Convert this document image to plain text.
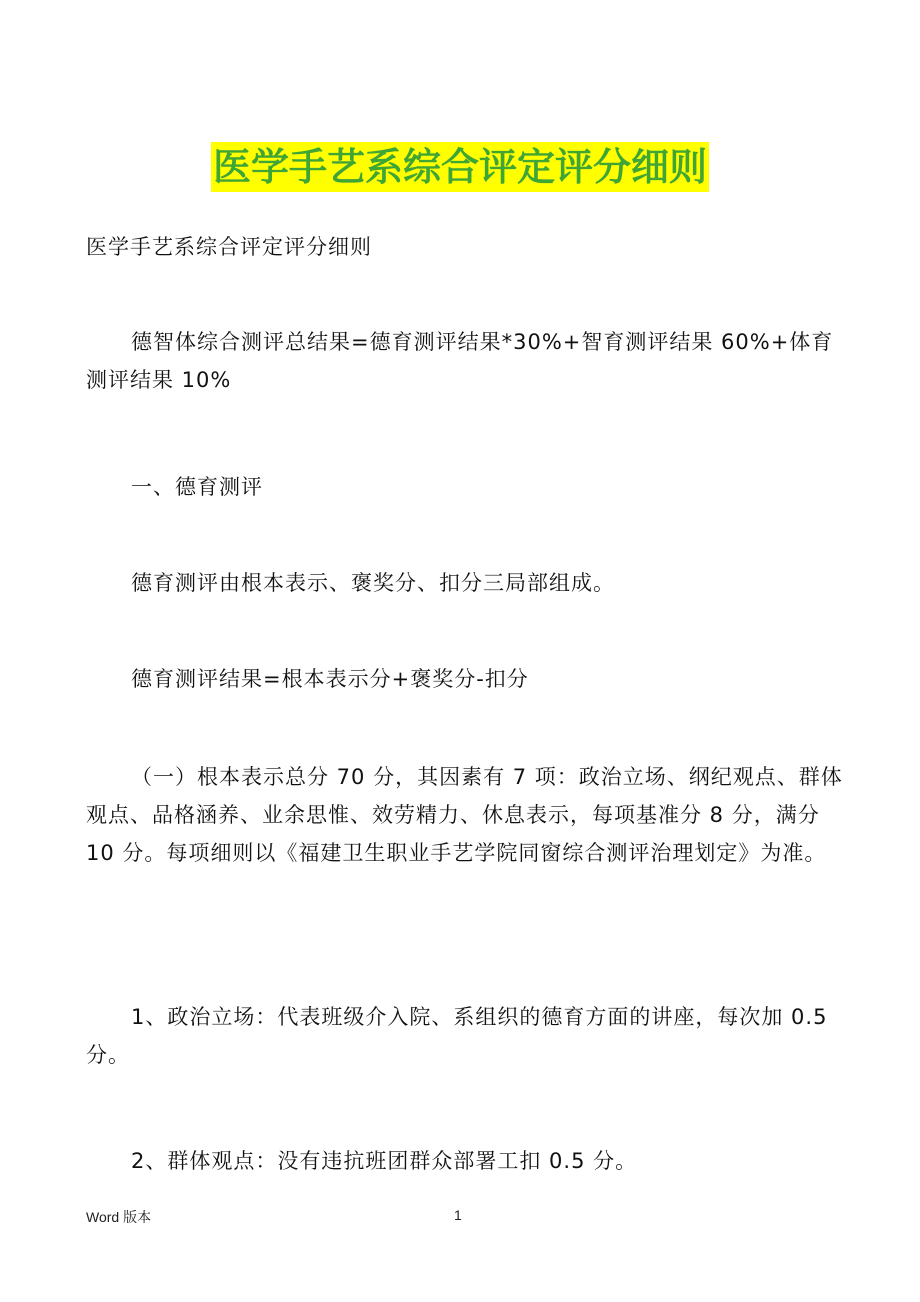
医学手艺系综合评定评分细则

医学手艺系综合评定评分细则

德智体综合测评总结果=德育测评结果*30%+智育测评结果 60%+体育测评结果 10%

一、德育测评

德育测评由根本表示、褒奖分、扣分三局部组成。

德育测评结果=根本表示分+褒奖分-扣分

（一）根本表示总分 70 分，其因素有 7 项：政治立场、纲纪观点、群体观点、品格涵养、业余思惟、效劳精力、休息表示，每项基准分 8 分，满分 10 分。每项细则以《福建卫生职业手艺学院同窗综合测评治理划定》为准。

1、政治立场：代表班级介入院、系组织的德育方面的讲座，每次加 0.5 分。

2、群体观点：没有违抗班团群众部署工扣 0.5 分。

Word 版本	1
